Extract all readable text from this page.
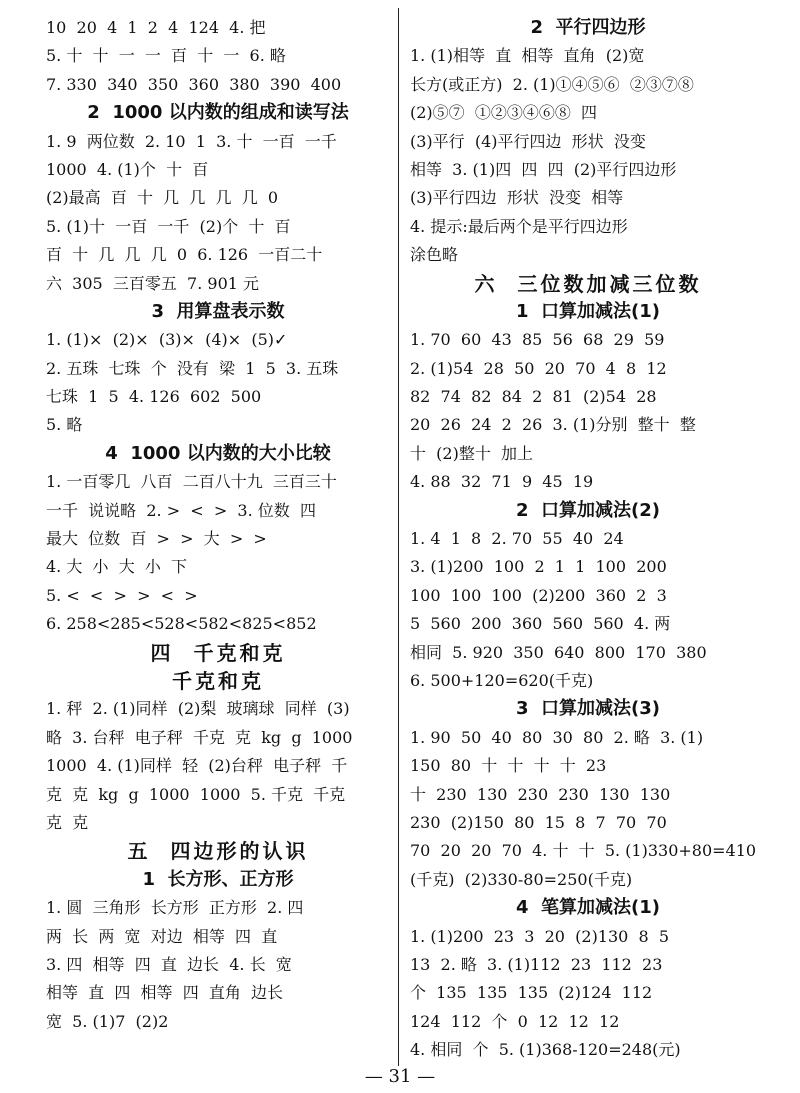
10  20  4  1  2  4  124  4. 把
5. 十  十  一  一  百  十  一  6. 略
7. 330  340  350  360  380  390  400
2  1000 以内数的组成和读写法
1. 9  两位数  2. 10  1  3. 十  一百  一千
1000  4. (1)个  十  百
(2)最高  百  十  几  几  几  几  0
5. (1)十  一百  一千  (2)个  十  百
百  十  几  几  几  0  6. 126  一百二十
六  305  三百零五  7. 901 元
3  用算盘表示数
1. (1)×  (2)×  (3)×  (4)×  (5)✓
2. 五珠  七珠  个  没有  梁  1  5  3. 五珠
七珠  1  5  4. 126  602  500
5. 略
4  1000 以内数的大小比较
1. 一百零几  八百  二百八十九  三百三十
一千  说说略  2. >  <  >  3. 位数  四
最大  位数  百  >  >  大  >  >
4. 大  小  大  小  下
5. <  <  >  >  <  >
6. 258<285<528<582<825<852
四  千克和克
千克和克
1. 秤  2. (1)同样  (2)梨  玻璃球  同样  (3)
略  3. 台秤  电子秤  千克  克  kg  g  1000
1000  4. (1)同样  轻  (2)台秤  电子秤  千
克  克  kg  g  1000  1000  5. 千克  千克
克  克
五  四边形的认识
1  长方形、正方形
1. 圆  三角形  长方形  正方形  2. 四
两  长  两  宽  对边  相等  四  直
3. 四  相等  四  直  边长  4. 长  宽
相等  直  四  相等  四  直角  边长
宽  5. (1)7  (2)2
2  平行四边形
1. (1)相等  直  相等  直角  (2)宽
长方(或正方)  2. (1)①④⑤⑥  ②③⑦⑧
(2)⑤⑦  ①②③④⑥⑧  四
(3)平行  (4)平行四边  形状  没变
相等  3. (1)四  四  四  (2)平行四边形
(3)平行四边  形状  没变  相等
4. 提示:最后两个是平行四边形
涂色略
六  三位数加减三位数
1  口算加减法(1)
1. 70  60  43  85  56  68  29  59
2. (1)54  28  50  20  70  4  8  12
82  74  82  84  2  81  (2)54  28
20  26  24  2  26  3. (1)分别  整十  整
十  (2)整十  加上
4. 88  32  71  9  45  19
2  口算加减法(2)
1. 4  1  8  2. 70  55  40  24
3. (1)200  100  2  1  1  100  200
100  100  100  (2)200  360  2  3
5  560  200  360  560  560  4. 两
相同  5. 920  350  640  800  170  380
6. 500+120=620(千克)
3  口算加减法(3)
1. 90  50  40  80  30  80  2. 略  3. (1)
150  80  十  十  十  十  23
十  230  130  230  230  130  130
230  (2)150  80  15  8  7  70  70
70  20  20  70  4. 十  十  5. (1)330+80=410
(千克)  (2)330-80=250(千克)
4  笔算加减法(1)
1. (1)200  23  3  20  (2)130  8  5
13  2. 略  3. (1)112  23  112  23
个  135  135  135  (2)124  112
124  112  个  0  12  12  12
4. 相同  个  5. (1)368-120=248(元)
— 31 —
